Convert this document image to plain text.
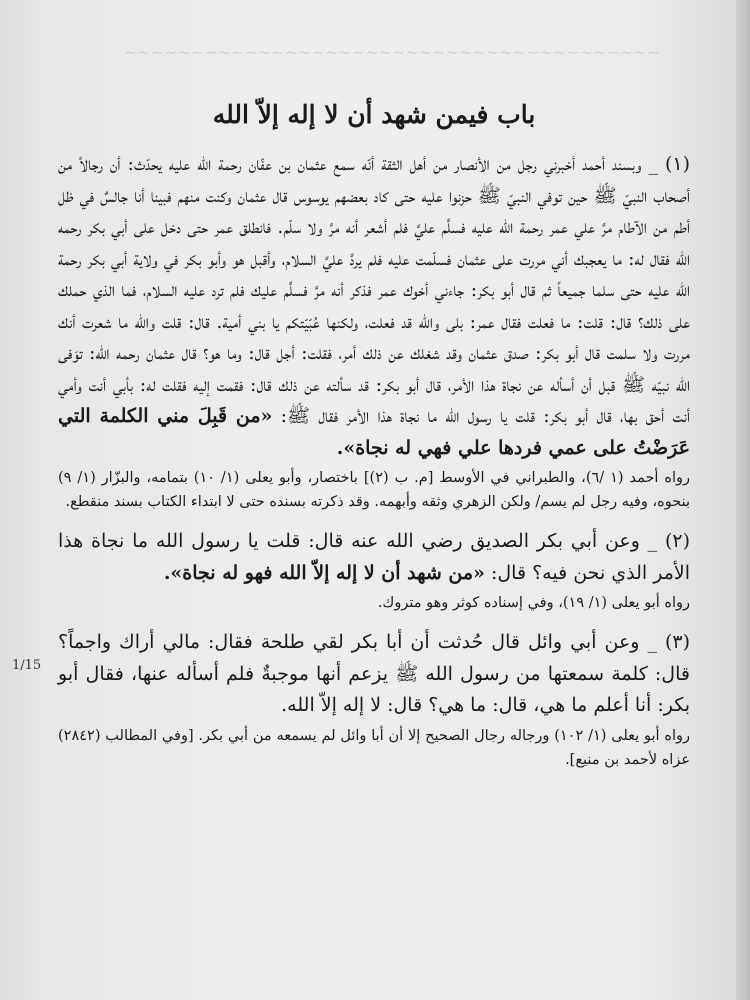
~~~~~~~~~~~~~~~~~~~~~~~~~~~~~~~~~~~~~~~~
1/15
باب فيمن شهد أن لا إله إلاّ الله

(١) _ وبسند أحمد أخبرني رجل من الأنصار من أهل الثقة أنّه سمع عثمان بن عفّان رحمة الله عليه يحدّث: أن رجالاً من أصحاب النبيّ ﷺ حين توفي النبيّ ﷺ حزنوا عليه حتى كاد بعضهم يوسوس قال عثمان وكنت منهم فبينا أنا جالسٌ في ظل أطم من الآطام مرَّ علي عمر رحمة الله عليه فسلَّم عليَّ فلم أشعر أنه مرَّ ولا سلّم. فانطلق عمر حتى دخل على أبي بكر رحمه الله فقال له: ما يعجبك أني مررت على عثمان فسلّمت عليه فلم يردَّ عليَّ السلام، وأقبل هو وأبو بكر في ولاية أبي بكر رحمة الله عليه حتى سلما جميعاً ثم قال أبو بكر: جاءني أخوك عمر فذكر أنه مرَّ فسلَّم عليك فلم ترد عليه السلام، فما الذي حملك على ذلك؟ قال: قلت: ما فعلت فقال عمر: بلى والله قد فعلت، ولكنها عُبّيّتكم يا بني أمية. قال: قلت والله ما شعرت أنك مررت ولا سلمت قال أبو بكر: صدق عثمان وقد شغلك عن ذلك أمر، فقلت: أجل قال: وما هو؟ قال عثمان رحمه الله: توَفى الله نبيّه ﷺ قبل أن أسأله عن نجاة هذا الأمر، قال أبو بكر: قد سألته عن ذلك قال: فقمت إليه فقلت له: بأبي أنت وأمي أنت أحق بها، قال أبو بكر: قلت يا رسول الله ما نجاة هذا الأمر فقال ﷺ: «من قَبِلَ مني الكلمة التي عَرَضْتُ على عمي فردها علي فهي له نجاة».

رواه أحمد (١ /٦)، والطبراني في الأوسط [م. ب (٢)] باختصار، وأبو يعلى (١/ ١٠) بتمامه، والبزّار (١/ ٩) بنحوه، وفيه رجل لم يسم/ ولكن الزهري وثقه وأبهمه. وقد ذكرته بسنده حتى لا ابتداء الكتاب بسند منقطع.

(٢) _ وعن أبي بكر الصديق رضي الله عنه قال: قلت يا رسول الله ما نجاة هذا الأمر الذي نحن فيه؟ قال: «من شهد أن لا إله إلاّ الله فهو له نجاة».

رواه أبو يعلى (١/ ١٩)، وفي إسناده كوثر وهو متروك.

(٣) _ وعن أبي وائل قال حُدثت أن أبا بكر لقي طلحة فقال: مالي أراك واجماً؟ قال: كلمة سمعتها من رسول الله ﷺ يزعم أنها موجبةٌ فلم أسأله عنها، فقال أبو بكر: أنا أعلم ما هي، قال: ما هي؟ قال: لا إله إلاّ الله.

رواه أبو يعلى (١/ ١٠٢) ورجاله رجال الصحيح إلا أن أبا وائل لم يسمعه من أبي بكر. [وفي المطالب (٢٨٤٢) عزاه لأحمد بن منيع].
